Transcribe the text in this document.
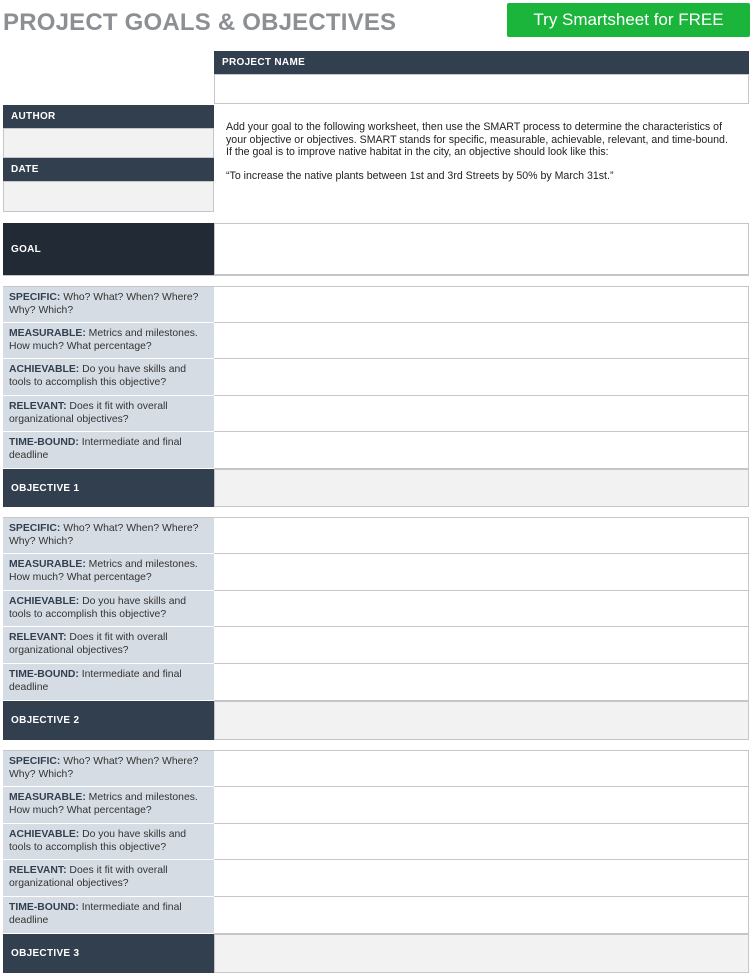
PROJECT GOALS & OBJECTIVES	Try Smartsheet for FREE
PROJECT NAME
AUTHOR
DATE

Add your goal to the following worksheet, then use the SMART process to determine the characteristics of your objective or objectives. SMART stands for specific, measurable, achievable, relevant, and time-bound. If the goal is to improve native habitat in the city, an objective should look like this:

“To increase the native plants between 1st and 3rd Streets by 50% by March 31st.”

GOAL
SPECIFIC: Who? What? When? Where? Why? Which?
MEASURABLE: Metrics and milestones. How much? What percentage?
ACHIEVABLE: Do you have skills and tools to accomplish this objective?
RELEVANT: Does it fit with overall organizational objectives?
TIME-BOUND: Intermediate and final deadline
OBJECTIVE 1
SPECIFIC: Who? What? When? Where? Why? Which?
MEASURABLE: Metrics and milestones. How much? What percentage?
ACHIEVABLE: Do you have skills and tools to accomplish this objective?
RELEVANT: Does it fit with overall organizational objectives?
TIME-BOUND: Intermediate and final deadline
OBJECTIVE 2
SPECIFIC: Who? What? When? Where? Why? Which?
MEASURABLE: Metrics and milestones. How much? What percentage?
ACHIEVABLE: Do you have skills and tools to accomplish this objective?
RELEVANT: Does it fit with overall organizational objectives?
TIME-BOUND: Intermediate and final deadline
OBJECTIVE 3
